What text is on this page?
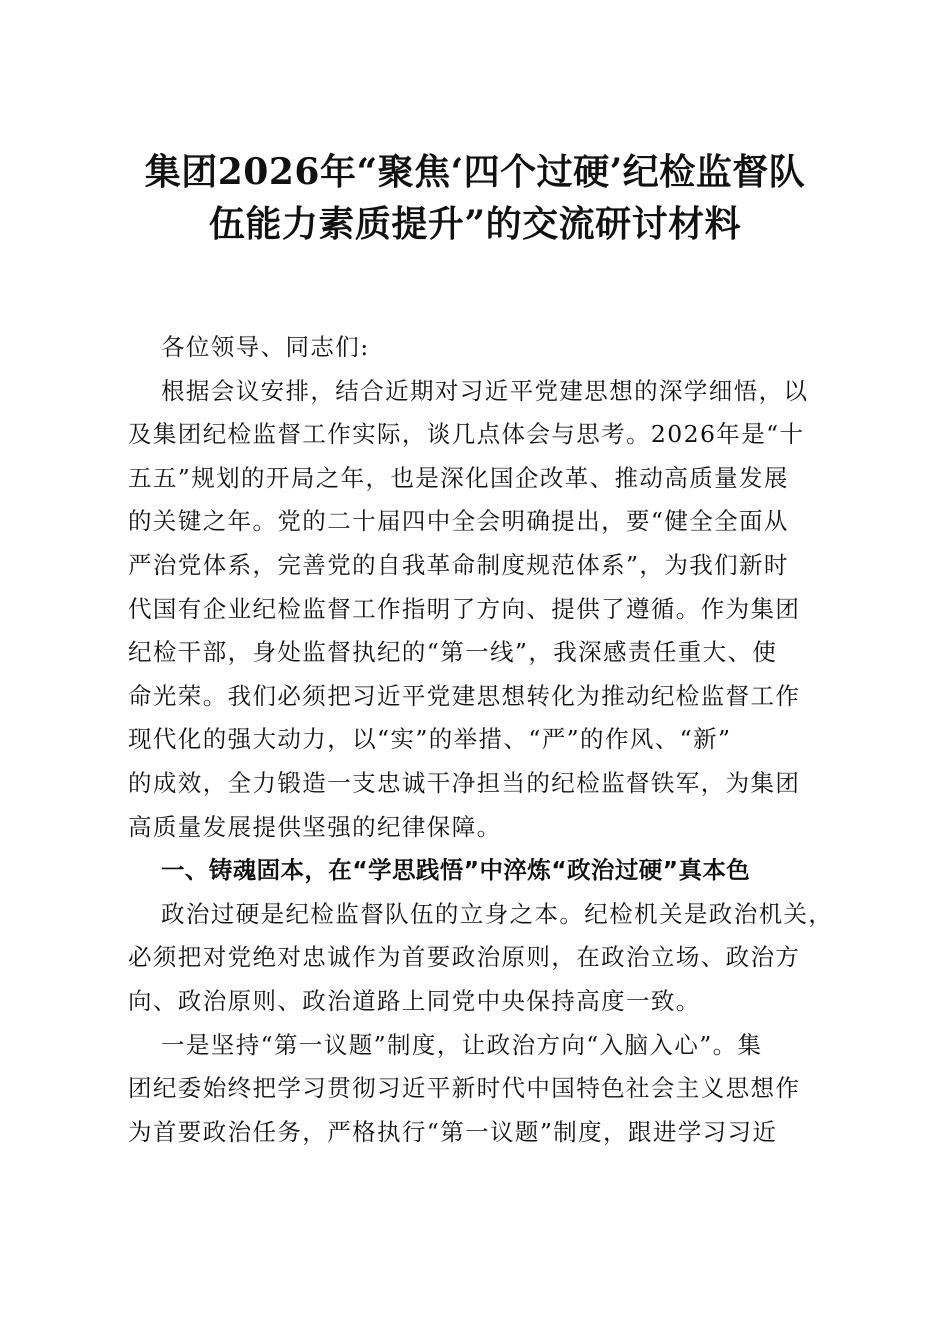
集团2026年“聚焦‘四个过硬’纪检监督队
伍能力素质提升”的交流研讨材料
各位领导、同志们:
根据会议安排，结合近期对习近平党建思想的深学细悟，以
及集团纪检监督工作实际，谈几点体会与思考。2026年是“十
五五”规划的开局之年，也是深化国企改革、推动高质量发展
的关键之年。党的二十届四中全会明确提出，要“健全全面从
严治党体系，完善党的自我革命制度规范体系”，为我们新时
代国有企业纪检监督工作指明了方向、提供了遵循。作为集团
纪检干部，身处监督执纪的“第一线”，我深感责任重大、使
命光荣。我们必须把习近平党建思想转化为推动纪检监督工作
现代化的强大动力，以“实”的举措、“严”的作风、“新”
的成效，全力锻造一支忠诚干净担当的纪检监督铁军，为集团
高质量发展提供坚强的纪律保障。
一、铸魂固本，在“学思践悟”中淬炼“政治过硬”真本色
政治过硬是纪检监督队伍的立身之本。纪检机关是政治机关，
必须把对党绝对忠诚作为首要政治原则，在政治立场、政治方
向、政治原则、政治道路上同党中央保持高度一致。
一是坚持“第一议题”制度，让政治方向“入脑入心”。集
团纪委始终把学习贯彻习近平新时代中国特色社会主义思想作
为首要政治任务，严格执行“第一议题”制度，跟进学习习近
